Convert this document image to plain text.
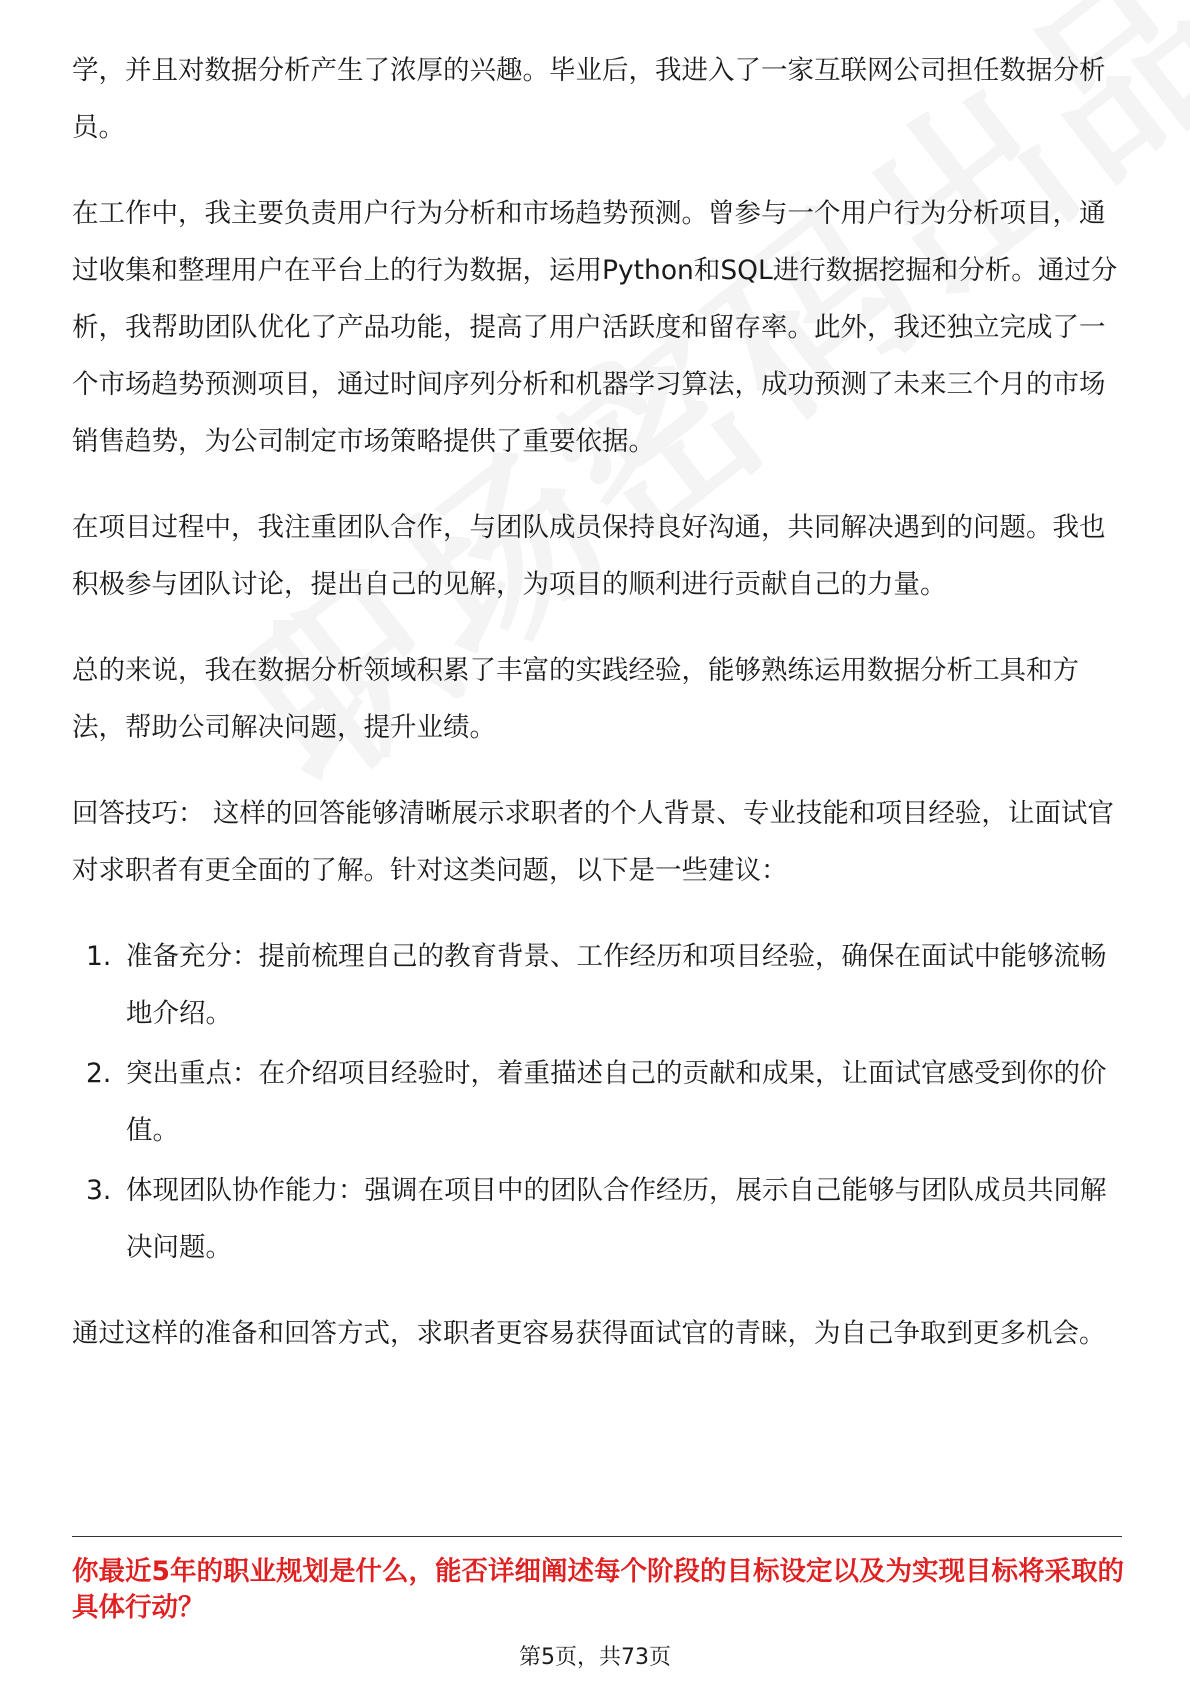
学，并且对数据分析产生了浓厚的兴趣。毕业后，我进入了一家互联网公司担任数据分析员。

在工作中，我主要负责用户行为分析和市场趋势预测。曾参与一个用户行为分析项目，通过收集和整理用户在平台上的行为数据，运用Python和SQL进行数据挖掘和分析。通过分析，我帮助团队优化了产品功能，提高了用户活跃度和留存率。此外，我还独立完成了一个市场趋势预测项目，通过时间序列分析和机器学习算法，成功预测了未来三个月的市场销售趋势，为公司制定市场策略提供了重要依据。

在项目过程中，我注重团队合作，与团队成员保持良好沟通，共同解决遇到的问题。我也积极参与团队讨论，提出自己的见解，为项目的顺利进行贡献自己的力量。

总的来说，我在数据分析领域积累了丰富的实践经验，能够熟练运用数据分析工具和方法，帮助公司解决问题，提升业绩。

回答技巧： 这样的回答能够清晰展示求职者的个人背景、专业技能和项目经验，让面试官对求职者有更全面的了解。针对这类问题，以下是一些建议：

1. 准备充分：提前梳理自己的教育背景、工作经历和项目经验，确保在面试中能够流畅地介绍。
2. 突出重点：在介绍项目经验时，着重描述自己的贡献和成果，让面试官感受到你的价值。
3. 体现团队协作能力：强调在项目中的团队合作经历，展示自己能够与团队成员共同解决问题。

通过这样的准备和回答方式，求职者更容易获得面试官的青睐，为自己争取到更多机会。

你最近5年的职业规划是什么，能否详细阐述每个阶段的目标设定以及为实现目标将采取的具体行动？
第5页，共73页
